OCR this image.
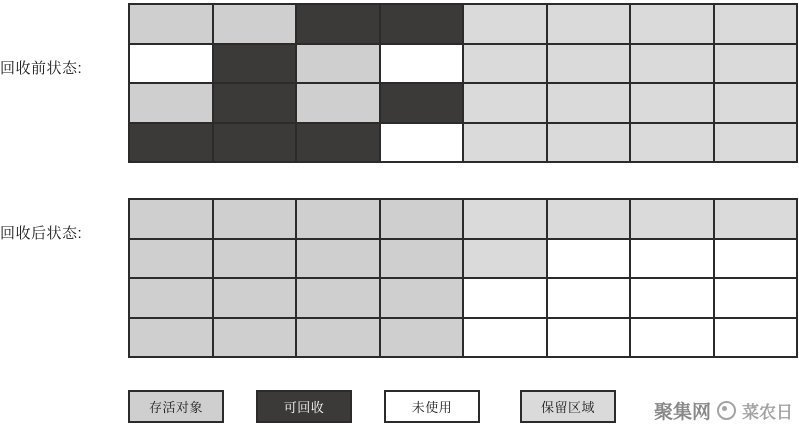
回收前状态:
回收后状态:
存活对象	可回收	未使用	保留区域	聚集网 菜农日
